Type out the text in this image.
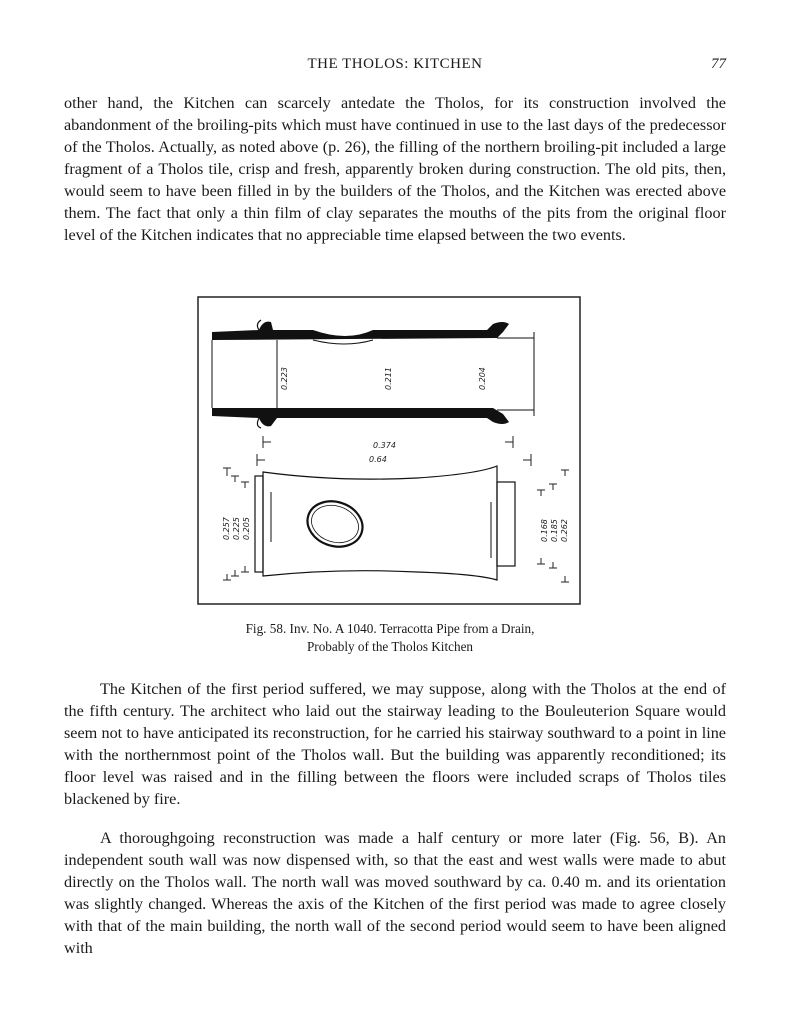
THE THOLOS: KITCHEN	77

other hand, the Kitchen can scarcely antedate the Tholos, for its construction involved the abandonment of the broiling-pits which must have continued in use to the last days of the predecessor of the Tholos. Actually, as noted above (p. 26), the filling of the northern broiling-pit included a large fragment of a Tholos tile, crisp and fresh, apparently broken during construction. The old pits, then, would seem to have been filled in by the builders of the Tholos, and the Kitchen was erected above them. The fact that only a thin film of clay separates the mouths of the pits from the original floor level of the Kitchen indicates that no appreciable time elapsed between the two events.

0.223	0.211	0.204
0.374
0.64
0.257 0.225 0.205	0.168 0.185 0.262
Fig. 58. Inv. No. A 1040. Terracotta Pipe from a Drain,
Probably of the Tholos Kitchen

The Kitchen of the first period suffered, we may suppose, along with the Tholos at the end of the fifth century. The architect who laid out the stairway leading to the Bouleuterion Square would seem not to have anticipated its reconstruction, for he carried his stairway southward to a point in line with the northernmost point of the Tholos wall. But the building was apparently reconditioned; its floor level was raised and in the filling between the floors were included scraps of Tholos tiles blackened by fire.

A thoroughgoing reconstruction was made a half century or more later (Fig. 56, B). An independent south wall was now dispensed with, so that the east and west walls were made to abut directly on the Tholos wall. The north wall was moved southward by ca. 0.40 m. and its orientation was slightly changed. Whereas the axis of the Kitchen of the first period was made to agree closely with that of the main building, the north wall of the second period would seem to have been aligned with
